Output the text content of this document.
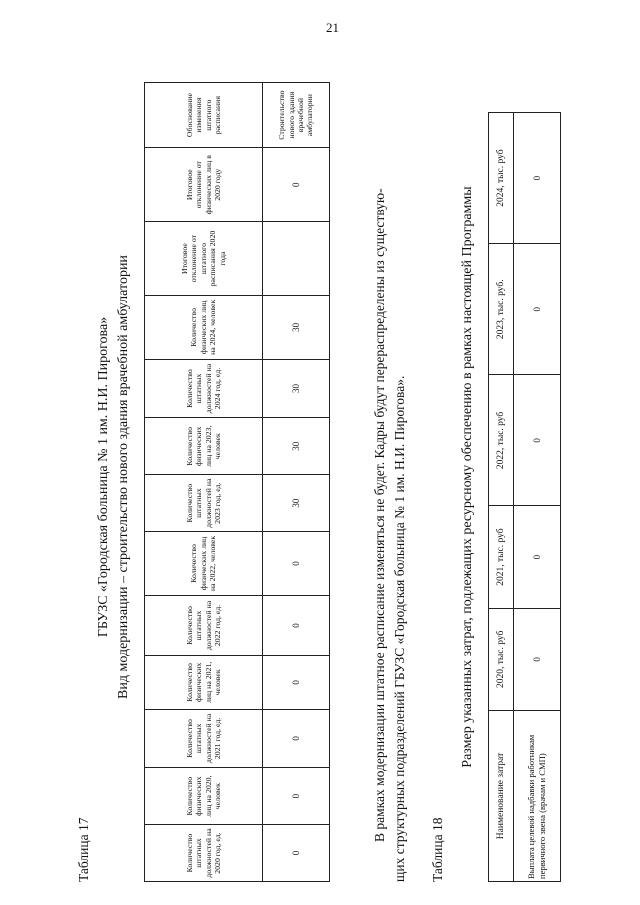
21
Таблица 17
ГБУЗС «Городская больница № 1 им. Н.И. Пирогова» Вид модернизации – строительство нового здания врачебной амбулатории
Количество штатных должностей на 2020 год, ед.	Количество физических лиц на 2020, человек	Количество штатных должностей на 2021 год, ед.	Количество физических лиц на 2021, человек	Количество штатных должностей на 2022 год, ед.	Количество физических лиц на 2022, человек	Количество штатных должностей на 2023 год, ед.	Количество физических лиц на 2023, человек	Количество штатных должностей на 2024 год, ед.	Количество физических лиц на 2024, человек	Итоговое отклонение от штатного расписания 2020 года	Итоговое отклонение от физических лиц в 2020 году	Обоснование изменения штатного расписания
0	0	0	0	0	0	30	30	30	30		0	Строительство нового здания врачебной амбулатории
В рамках модернизации штатное расписание изменяться не будет. Кадры будут перераспределены из существую- щих структурных подразделений ГБУЗС «Городская больница № 1 им. Н.И. Пирогова». Таблица 18
Размер указанных затрат, подлежащих ресурсному обеспечению в рамках настоящей Программы
Наименование затрат	2020, тыс. руб	2021, тыс. руб	2022, тыс. руб	2023, тыс. руб.	2024, тыс. руб
Выплата целевой надбавки работникам первичного звена (врачам и СМП)	0	0	0	0	0
